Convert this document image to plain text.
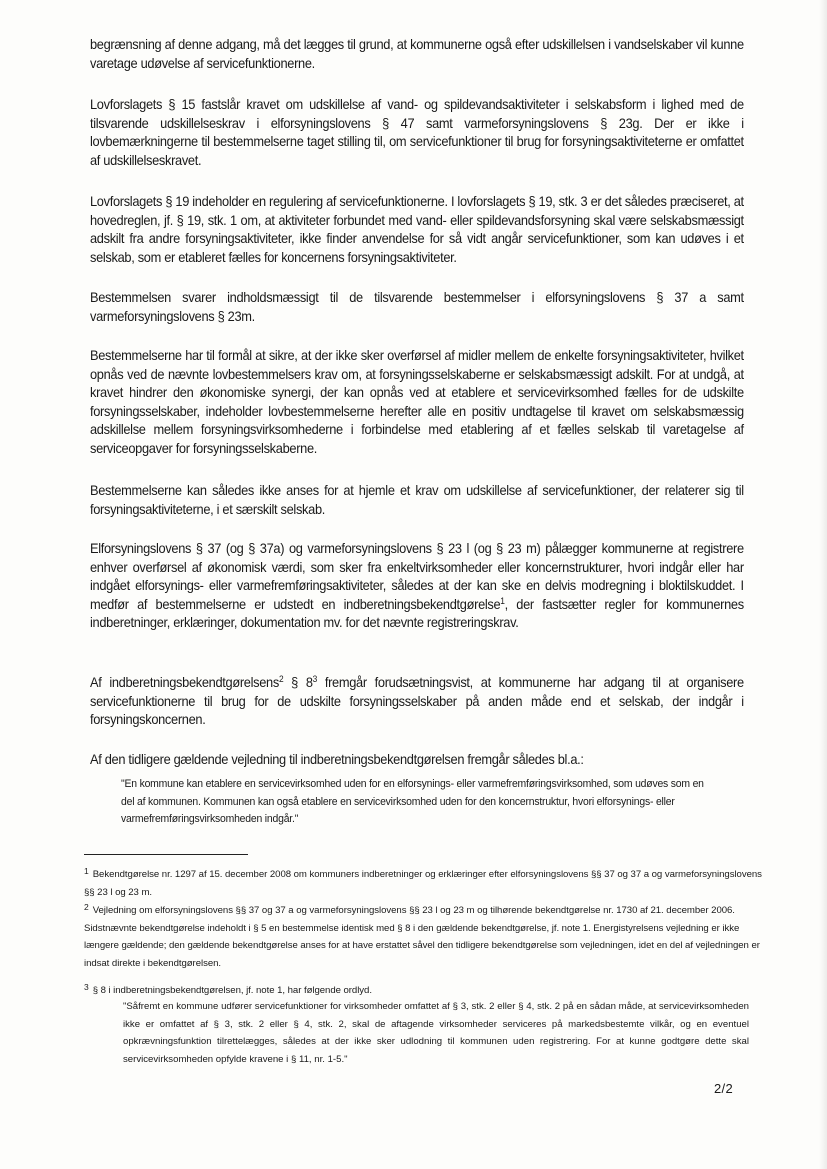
begrænsning af denne adgang, må det lægges til grund, at kommunerne også efter udskillelsen i vandselskaber vil kunne varetage udøvelse af servicefunktionerne.
Lovforslagets § 15 fastslår kravet om udskillelse af vand- og spildevandsaktiviteter i selskabsform i lighed med de tilsvarende udskillelseskrav i elforsyningslovens § 47 samt varmeforsyningslovens § 23g. Der er ikke i lovbemærkningerne til bestemmelserne taget stilling til, om servicefunktioner til brug for forsyningsaktiviteterne er omfattet af udskillelseskravet.
Lovforslagets § 19 indeholder en regulering af servicefunktionerne. I lovforslagets § 19, stk. 3 er det således præciseret, at hovedreglen, jf. § 19, stk. 1 om, at aktiviteter forbundet med vand- eller spildevandsforsyning skal være selskabsmæssigt adskilt fra andre forsyningsaktiviteter, ikke finder anvendelse for så vidt angår servicefunktioner, som kan udøves i et selskab, som er etableret fælles for koncernens forsyningsaktiviteter.
Bestemmelsen svarer indholdsmæssigt til de tilsvarende bestemmelser i elforsyningslovens § 37 a samt varmeforsyningslovens § 23m.
Bestemmelserne har til formål at sikre, at der ikke sker overførsel af midler mellem de enkelte forsyningsaktiviteter, hvilket opnås ved de nævnte lovbestemmelsers krav om, at forsyningsselskaberne er selskabsmæssigt adskilt. For at undgå, at kravet hindrer den økonomiske synergi, der kan opnås ved at etablere et servicevirksomhed fælles for de udskilte forsyningsselskaber, indeholder lovbestemmelserne herefter alle en positiv undtagelse til kravet om selskabsmæssig adskillelse mellem forsyningsvirksomhederne i forbindelse med etablering af et fælles selskab til varetagelse af serviceopgaver for forsyningsselskaberne.
Bestemmelserne kan således ikke anses for at hjemle et krav om udskillelse af servicefunktioner, der relaterer sig til forsyningsaktiviteterne, i et særskilt selskab.
Elforsyningslovens § 37 (og § 37a) og varmeforsyningslovens § 23 l (og § 23 m) pålægger kommunerne at registrere enhver overførsel af økonomisk værdi, som sker fra enkeltvirksomheder eller koncernstrukturer, hvori indgår eller har indgået elforsynings- eller varmefremføringsaktiviteter, således at der kan ske en delvis modregning i bloktilskuddet. I medfør af bestemmelserne er udstedt en indberetningsbekendtgørelse$^1$, der fastsætter regler for kommunernes indberetninger, erklæringer, dokumentation mv. for det nævnte registreringskrav.
Af indberetningsbekendtgørelsens$^2$ § $8^3$ fremgår forudsætningsvist, at kommunerne har adgang til at organisere servicefunktionerne til brug for de udskilte forsyningsselskaber på anden måde end et selskab, der indgår i forsyningskoncernen.
Af den tidligere gældende vejledning til indberetningsbekendtgørelsen fremgår således bl.a.:
"En kommune kan etablere en servicevirksomhed uden for en elforsynings- eller varmefremføringsvirksomhed, som udøves som en del af kommunen. Kommunen kan også etablere en servicevirksomhed uden for den koncernstruktur, hvori elforsynings- eller varmefremføringsvirksomheden indgår."
$^1$ Bekendtgørelse nr. 1297 af 15. december 2008 om kommuners indberetninger og erklæringer efter elforsyningslovens §§ 37 og 37 a og varmeforsyningslovens §§ 23 l og 23 m.
$^2$ Vejledning om elforsyningslovens §§ 37 og 37 a og varmeforsyningslovens §§ 23 l og 23 m og tilhørende bekendtgørelse nr. 1730 af 21. december 2006. Sidstnævnte bekendtgørelse indeholdt i § 5 en bestemmelse identisk med § 8 i den gældende bekendtgørelse, jf. note 1. Energistyrelsens vejledning er ikke længere gældende; den gældende bekendtgørelse anses for at have erstattet såvel den tidligere bekendtgørelse som vejledningen, idet en del af vejledningen er indsat direkte i bekendtgørelsen.
$^3$ § 8 i indberetningsbekendtgørelsen, jf. note 1, har følgende ordlyd.
"Såfremt en kommune udfører servicefunktioner for virksomheder omfattet af § 3, stk. 2 eller § 4, stk. 2 på en sådan måde, at servicevirksomheden ikke er omfattet af § 3, stk. 2 eller § 4, stk. 2, skal de aftagende virksomheder serviceres på markedsbestemte vilkår, og en eventuel opkrævningsfunktion tilrettelægges, således at der ikke sker udlodning til kommunen uden registrering. For at kunne godtgøre dette skal servicevirksomheden opfylde kravene i § 11, nr. 1-5."
2/2
